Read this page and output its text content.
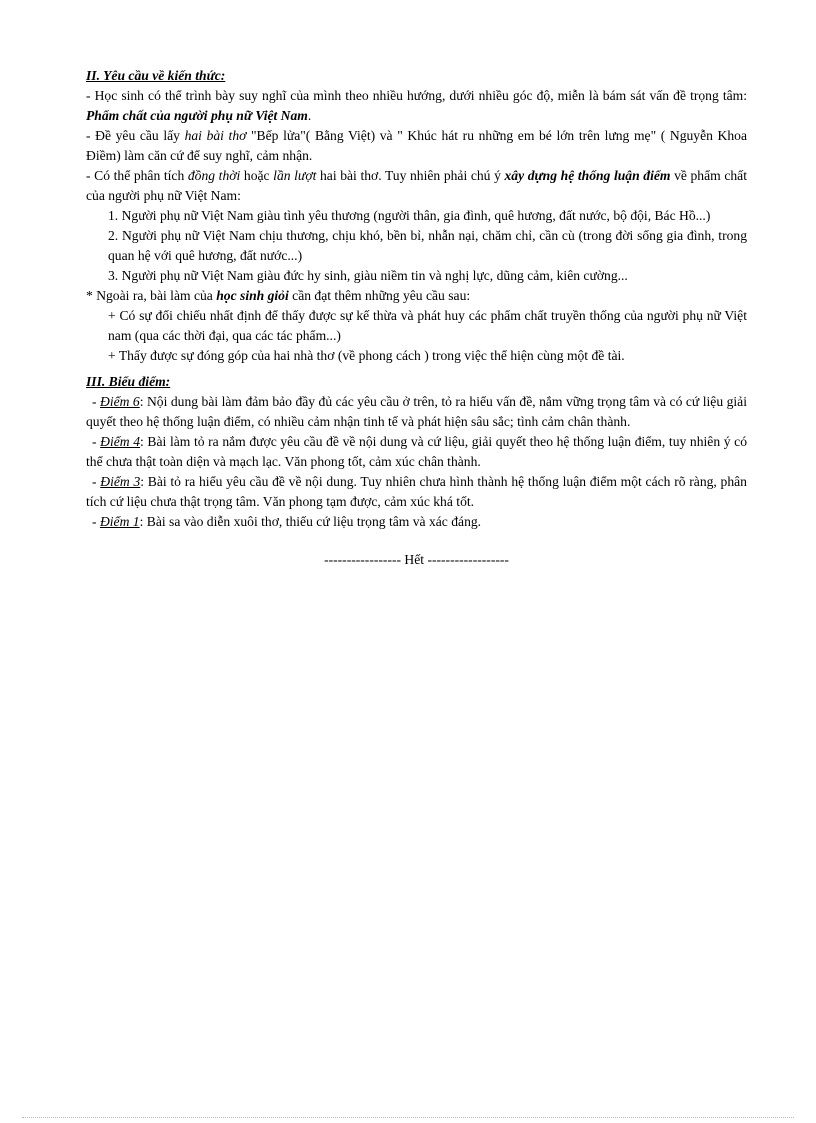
II. Yêu cầu về kiến thức:

- Học sinh có thể trình bày suy nghĩ của mình theo nhiều hướng, dưới nhiều góc độ, miễn là bám sát vấn đề trọng tâm: Phẩm chất của người phụ nữ Việt Nam.

- Đề yêu cầu lấy hai bài thơ "Bếp lửa"( Bằng Việt) và " Khúc hát ru những em bé lớn trên lưng mẹ" ( Nguyễn Khoa Điềm) làm căn cứ để suy nghĩ, cảm nhận.

- Có thể phân tích đồng thời hoặc lần lượt hai bài thơ. Tuy nhiên phải chú ý xây dựng hệ thống luận điểm về phẩm chất của người phụ nữ Việt Nam:

1. Người phụ nữ Việt Nam giàu tình yêu thương (người thân, gia đình, quê hương, đất nước, bộ đội, Bác Hồ...)

2. Người phụ nữ Việt Nam chịu thương, chịu khó, bền bỉ, nhẫn nại, chăm chỉ, cần cù (trong đời sống gia đình, trong quan hệ với quê hương, đất nước...)

3. Người phụ nữ Việt Nam giàu đức hy sinh, giàu niềm tin và nghị lực, dũng cảm, kiên cường...

* Ngoài ra, bài làm của học sinh giỏi cần đạt thêm những yêu cầu sau:

+ Có sự đối chiếu nhất định để thấy được sự kế thừa và phát huy các phẩm chất truyền thống của người phụ nữ Việt nam (qua các thời đại, qua các tác phẩm...)

+ Thấy được sự đóng góp của hai nhà thơ (về phong cách ) trong việc thể hiện cùng một đề tài.

III. Biểu điểm:

- Điểm 6: Nội dung bài làm đảm bảo đầy đủ các yêu cầu ở trên, tỏ ra hiểu vấn đề, nắm vững trọng tâm và có cứ liệu giải quyết theo hệ thống luận điểm, có nhiều cảm nhận tinh tế và phát hiện sâu sắc; tình cảm chân thành.

- Điểm 4: Bài làm tỏ ra nắm được yêu cầu đề về nội dung và cứ liệu, giải quyết theo hệ thống luận điểm, tuy nhiên ý có thể chưa thật toàn diện và mạch lạc. Văn phong tốt, cảm xúc chân thành.

- Điểm 3: Bài tỏ ra hiểu yêu cầu đề về nội dung. Tuy nhiên chưa hình thành hệ thống luận điểm một cách rõ ràng, phân tích cứ liệu chưa thật trọng tâm. Văn phong tạm được, cảm xúc khá tốt.

- Điểm 1: Bài sa vào diễn xuôi thơ, thiếu cứ liệu trọng tâm và xác đáng.

----------------- Hết ------------------
